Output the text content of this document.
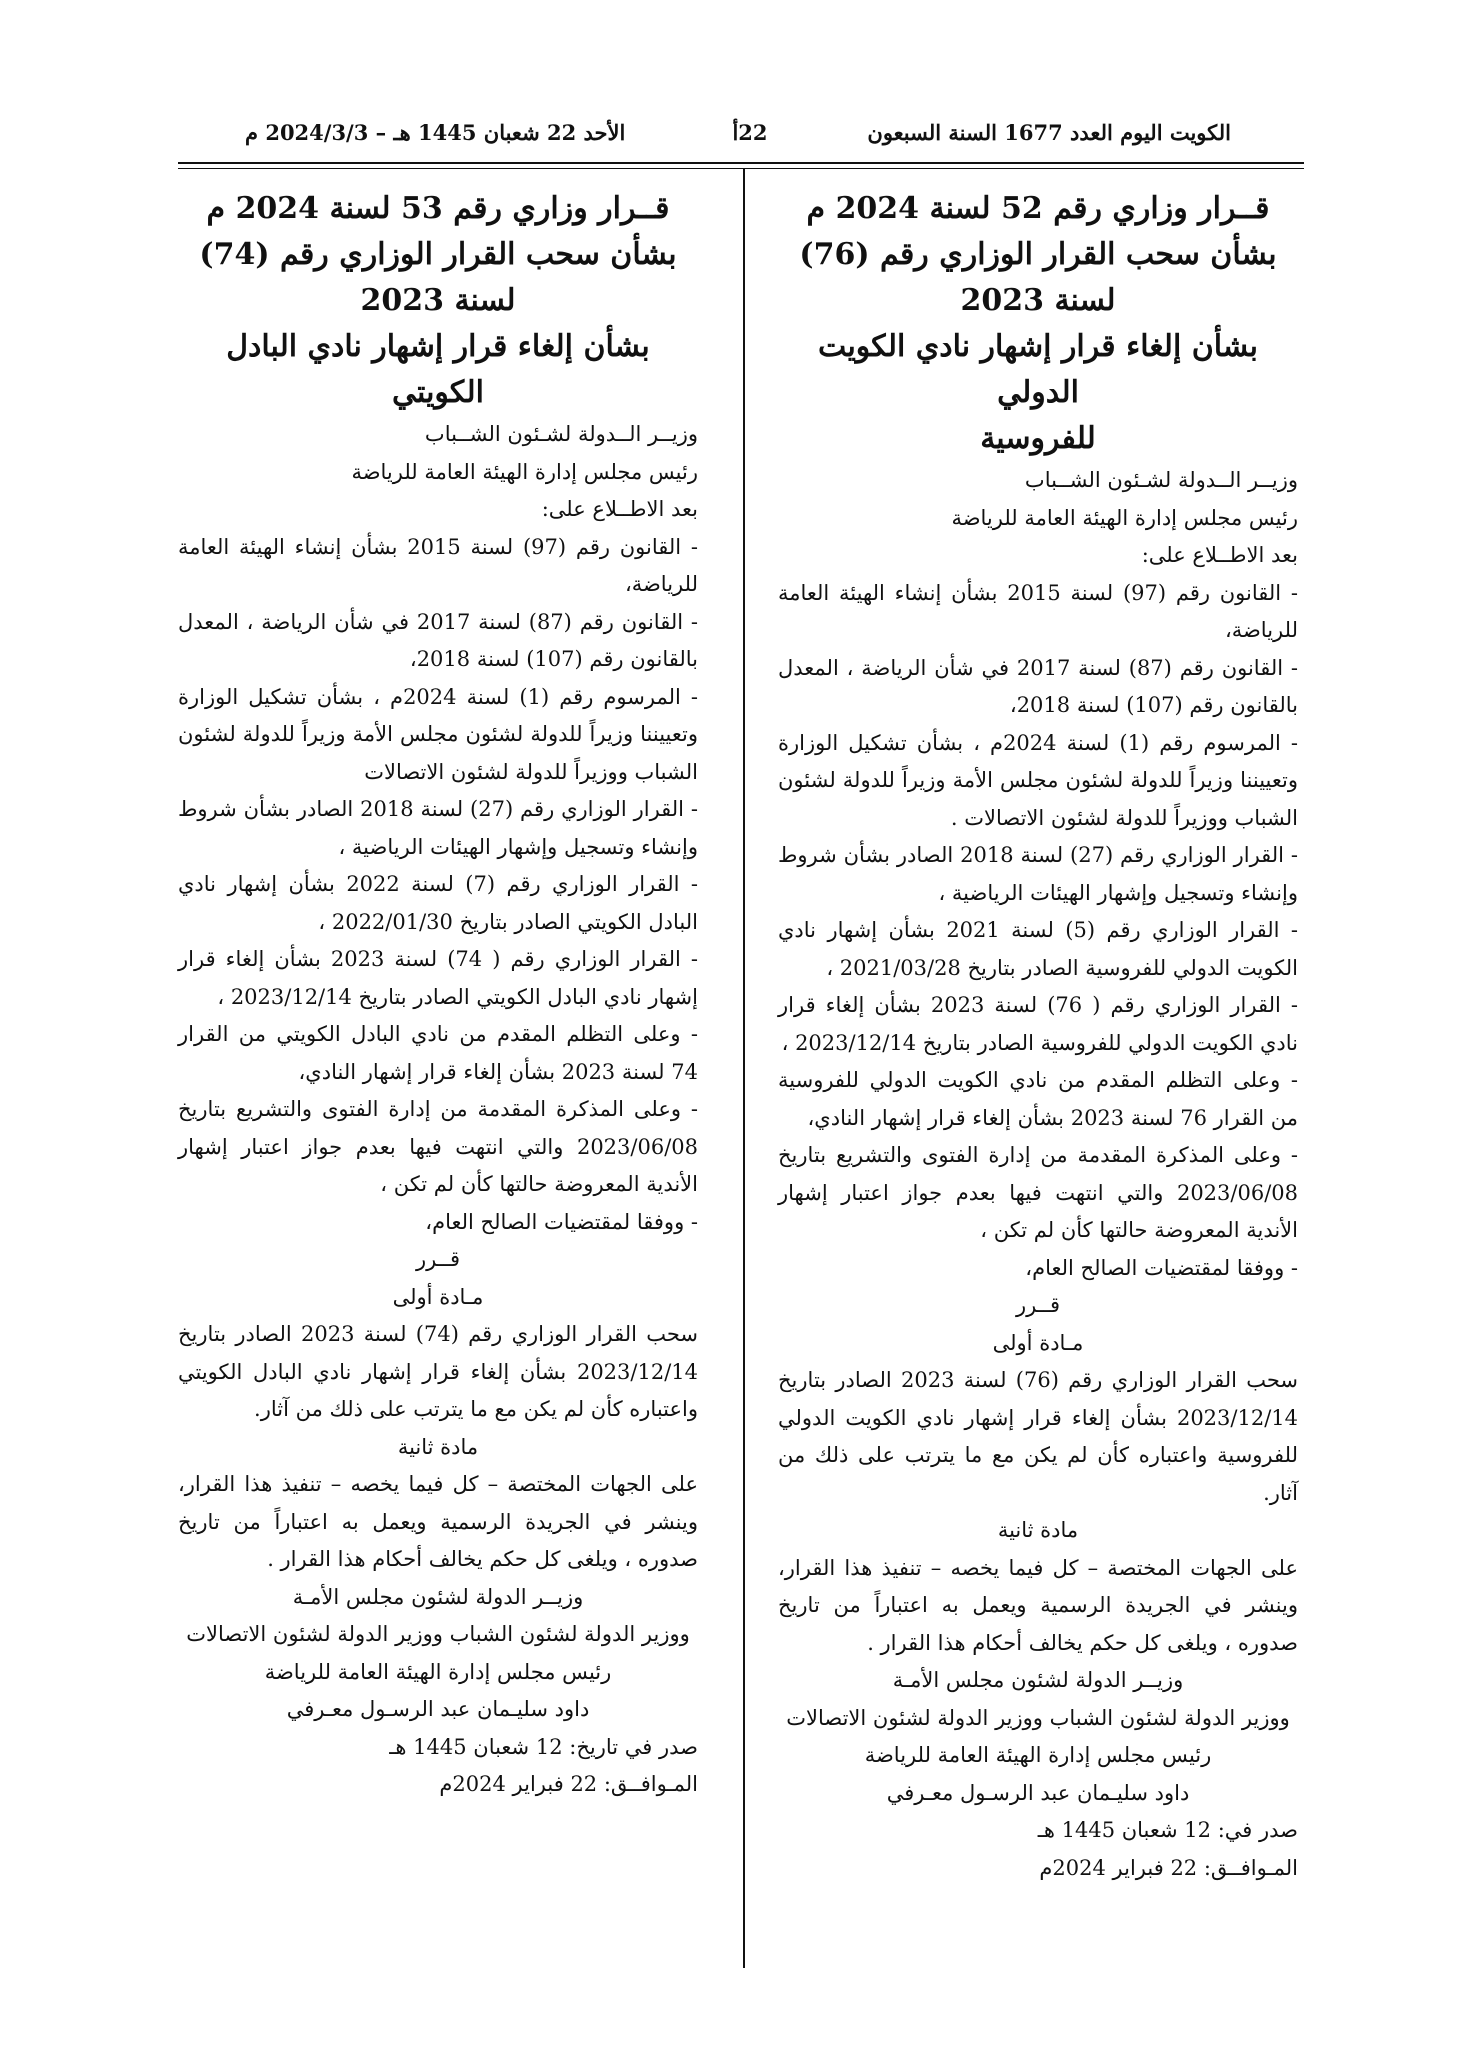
الكويت اليوم العدد 1677 السنة السبعون
22أ
الأحد 22 شعبان 1445 هـ – 2024/3/3 م

قــرار وزاري رقم 52 لسنة 2024 م

بشأن سحب القرار الوزاري رقم (76) لسنة 2023

بشأن إلغاء قرار إشهار نادي الكويت الدولي

للفروسية

وزيــر الــدولة لشـئون الشــباب

رئيس مجلس إدارة الهيئة العامة للرياضة

بعد الاطــلاع على:

- القانون رقم (97) لسنة 2015 بشأن إنشاء الهيئة العامة للرياضة،

- القانون رقم (87) لسنة 2017 في شأن الرياضة ، المعدل بالقانون رقم (107) لسنة 2018،

- المرسوم رقم (1) لسنة 2024م ، بشأن تشكيل الوزارة وتعييننا وزيراً للدولة لشئون مجلس الأمة وزيراً للدولة لشئون الشباب ووزيراً للدولة لشئون الاتصالات .

- القرار الوزاري رقم (27) لسنة 2018 الصادر بشأن شروط وإنشاء وتسجيل وإشهار الهيئات الرياضية ،

- القرار الوزاري رقم (5) لسنة 2021 بشأن إشهار نادي الكويت الدولي للفروسية الصادر بتاريخ 2021/03/28 ،

- القرار الوزاري رقم ( 76) لسنة 2023 بشأن إلغاء قرار نادي الكويت الدولي للفروسية الصادر بتاريخ 2023/12/14 ،

- وعلى التظلم المقدم من نادي الكويت الدولي للفروسية من القرار 76 لسنة 2023 بشأن إلغاء قرار إشهار النادي،

- وعلى المذكرة المقدمة من إدارة الفتوى والتشريع بتاريخ 2023/06/08 والتي انتهت فيها بعدم جواز اعتبار إشهار الأندية المعروضة حالتها كأن لم تكن ،

- ووفقا لمقتضيات الصالح العام،

قــرر

مـادة أولى

سحب القرار الوزاري رقم (76) لسنة 2023 الصادر بتاريخ 2023/12/14 بشأن إلغاء قرار إشهار نادي الكويت الدولي للفروسية واعتباره كأن لم يكن مع ما يترتب على ذلك من آثار.

مادة ثانية

على الجهات المختصة – كل فيما يخصه – تنفيذ هذا القرار، وينشر في الجريدة الرسمية ويعمل به اعتباراً من تاريخ صدوره ، ويلغى كل حكم يخالف أحكام هذا القرار .

وزيــر الدولة لشئون مجلس الأمـة

ووزير الدولة لشئون الشباب ووزير الدولة لشئون الاتصالات

رئيس مجلس إدارة الهيئة العامة للرياضة

داود سليـمان عبد الرسـول معـرفي

صدر في: 12 شعبان 1445 هـ

المـوافــق: 22 فبراير 2024م

قــرار وزاري رقم 53 لسنة 2024 م

بشأن سحب القرار الوزاري رقم (74) لسنة 2023

بشأن إلغاء قرار إشهار نادي البادل الكويتي

وزيــر الــدولة لشـئون الشــباب

رئيس مجلس إدارة الهيئة العامة للرياضة

بعد الاطــلاع على:

- القانون رقم (97) لسنة 2015 بشأن إنشاء الهيئة العامة للرياضة،

- القانون رقم (87) لسنة 2017 في شأن الرياضة ، المعدل بالقانون رقم (107) لسنة 2018،

- المرسوم رقم (1) لسنة 2024م ، بشأن تشكيل الوزارة وتعييننا وزيراً للدولة لشئون مجلس الأمة وزيراً للدولة لشئون الشباب ووزيراً للدولة لشئون الاتصالات

- القرار الوزاري رقم (27) لسنة 2018 الصادر بشأن شروط وإنشاء وتسجيل وإشهار الهيئات الرياضية ،

- القرار الوزاري رقم (7) لسنة 2022 بشأن إشهار نادي البادل الكويتي الصادر بتاريخ 2022/01/30 ،

- القرار الوزاري رقم ( 74) لسنة 2023 بشأن إلغاء قرار إشهار نادي البادل الكويتي الصادر بتاريخ 2023/12/14 ،

- وعلى التظلم المقدم من نادي البادل الكويتي من القرار 74 لسنة 2023 بشأن إلغاء قرار إشهار النادي،

- وعلى المذكرة المقدمة من إدارة الفتوى والتشريع بتاريخ 2023/06/08 والتي انتهت فيها بعدم جواز اعتبار إشهار الأندية المعروضة حالتها كأن لم تكن ،

- ووفقا لمقتضيات الصالح العام،

قــرر

مـادة أولى

سحب القرار الوزاري رقم (74) لسنة 2023 الصادر بتاريخ 2023/12/14 بشأن إلغاء قرار إشهار نادي البادل الكويتي واعتباره كأن لم يكن مع ما يترتب على ذلك من آثار.

مادة ثانية

على الجهات المختصة – كل فيما يخصه – تنفيذ هذا القرار، وينشر في الجريدة الرسمية ويعمل به اعتباراً من تاريخ صدوره ، ويلغى كل حكم يخالف أحكام هذا القرار .

وزيــر الدولة لشئون مجلس الأمـة

ووزير الدولة لشئون الشباب ووزير الدولة لشئون الاتصالات

رئيس مجلس إدارة الهيئة العامة للرياضة

داود سليـمان عبد الرسـول معـرفي

صدر في تاريخ: 12 شعبان 1445 هـ

المـوافــق: 22 فبراير 2024م
